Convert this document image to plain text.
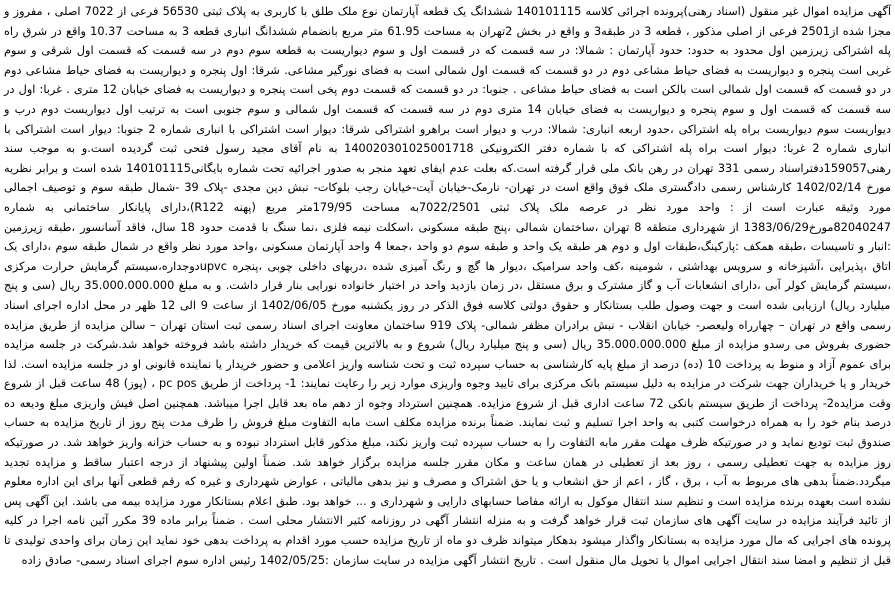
آگهی مزایده اموال غیر منقول (اسناد رهنی)پرونده اجرائی کلاسه 140101115 ششدانگ یک قطعه آپارتمان نوع ملک طلق با کاربری به پلاک ثبتی 56530 فرعی از 7022 اصلی ، مفروز و مجزا شده از2501 فرعی از اصلی مذکور ، قطعه 3 در طبقه3 و واقع در بخش 2تهران به مساحت 61.95 متر مربع بانضمام ششدانگ انباری قطعه 3 به مساحت 10.37 واقع در شرق راه پله اشتراکی زیرزمین اول محدود به حدود: حدود آپارتمان : شمالا: در سه قسمت که در قسمت اول و سوم دیواریست به قطعه سوم دوم در سه قسمت که قسمت اول شرقی و سوم غربی است پنجره و دیواریست به فضای حیاط مشاعی دوم در دو قسمت که قسمت اول شمالی است به فضای نورگیر مشاعی. شرقا: اول پنجره و دیواریست به فضای حیاط مشاعی دوم در دو قسمت که قسمت اول شمالی است بالکن است به فضای حیاط مشاعی . جنوبا: در دو قسمت که قسمت دوم پخی است پنجره و دیواریست به فضای خیابان 12 متری . غربا: اول در سه قسمت که قسمت اول و سوم پنجره و دیواریست به فضای خیابان 14 متری دوم در سه قسمت که قسمت اول شمالی و سوم جنوبی است به ترتیب اول دیواریست دوم درب و دیواریست سوم دیواریست براه پله اشتراکی ،حدود اربعه انباری: شمالا: درب و دیوار است براهرو اشتراکی شرقا: دیوار است اشتراکی با انباری شماره 2 جنوبا: دیوار است اشتراکی با انباری شماره 2 غربا: دیوار است براه پله اشتراکی که با شماره دفتر الکترونیکی 140020301025001718 به نام آقای مجید رسول فتحی ثبت گردیده است.و به موجب سند رهنی159057دفتراسناد رسمی 331 تهران در رهن بانک ملی قرار گرفته است.که بعلت عدم ایفای تعهد منجر به صدور اجرائیه تحت شماره بایگانی140101115 شده است و برابر نظریه مورخ 1402/02/14 کارشناس رسمی دادگستری ملک فوق واقع است در تهران- نارمک-خیابان آیت-خیابان رجب بلوکات- نبش دین مجدی -پلاک 39 -شمال طبقه سوم و توصیف اجمالی مورد وثیقه عبارت است از : واحد مورد نظر در عرصه ملک پلاک ثبتی 7022/2501به مساحت 179/95متر مربع (پهنه R122)،دارای پایانکار ساختمانی به شماره 82040247مورخ1383/06/29 از شهرداری منطقه 8 تهران ،ساختمان شمالی ،پنج طبقه مسکونی ،اسکلت نیمه فلزی ،نما سنگ با قدمت حدود 18 سال، فاقد آسانسور ،طبقه زیرزمین :انبار و تاسیسات ،طبقه همکف :پارکینگ،طبقات اول و دوم هر طبقه یک واحد و طبقه سوم دو واحد ،جمعا 4 واحد آپارتمان مسکونی ،واحد مورد نظر واقع در شمال طبقه سوم ،دارای یک اتاق ،پذیرایی ،آشپزخانه و سرویس بهداشتی ، شومینه ،کف واحد سرامیک ،دیوار ها گچ و رنگ آمیزی شده ،دربهای داخلی چوبی ،پنجره upvcدوجداره،سیستم گرمایش حرارت مرکزی ،سیستم گرمایش کولر آبی ،دارای انشعابات آب و گاز مشترک و برق مستقل ،در زمان بازدید واحد در اختیار خانواده نورایی بنار قرار داشت. و به مبلغ 35.000.000.000 ریال (سی و پنج میلیارد ریال) ارزیابی شده است و جهت وصول طلب بستانکار و حقوق دولتی کلاسه فوق الذکر در روز یکشنبه مورخ 1402/06/05 از ساعت 9 الی 12 ظهر در محل اداره اجرای اسناد رسمی واقع در تهران – چهارراه ولیعصر- خیابان انقلاب - نبش برادران مظفر شمالی- پلاک 919 ساختمان معاونت اجرای اسناد رسمی ثبت استان تهران – سالن مزایده از طریق مزایده حضوری بفروش می رسدو مزایده از مبلغ 35.000.000.000 ریال (سی و پنج میلیارد ریال) شروع و به بالاترین قیمت که خریدار داشته باشد فروخته خواهد شد.شرکت در جلسه مزایده برای عموم آزاد و منوط به پرداخت 10 (ده) درصد از مبلغ پایه کارشناسی به حساب سپرده ثبت و تحت شناسه واریز اعلامی و حضور خریدار یا نماینده قانونی او در جلسه مزایده است. لذا خریدار و یا خریداران جهت شرکت در مزایده به دلیل سیستم بانک مرکزی برای تایید وجوه واریزی موارد زیر را رعایت نمایند: 1- پرداخت از طریق pc pos ، (پوز) 48 ساعت قبل از شروع وقت مزایده2- پرداخت از طریق سیستم بانکی 72 ساعت اداری قبل از شروع مزایده. همچنین استرداد وجوه از دهم ماه بعد قابل اجرا میباشد. همچنین اصل فیش واریزی مبلغ ودیعه ده درصد بنام خود را به همراه درخواست کتبی به واحد اجرا تسلیم و ثبت نمایند. ضمناً برنده مزایده مکلف است مابه التفاوت مبلغ فروش را ظرف مدت پنج روز از تاریخ مزایده به حساب صندوق ثبت تودیع نماید و در صورتیکه ظرف مهلت مقرر مابه التفاوت را به حساب سپرده ثبت واریز نکند، مبلغ مذکور قابل استرداد نبوده و به حساب خزانه واریز خواهد شد. در صورتیکه روز مزایده به جهت تعطیلی رسمی ، روز بعد از تعطیلی در همان ساعت و مکان مقرر جلسه مزایده برگزار خواهد شد. ضمناً اولین پیشنهاد از درجه اعتبار ساقط و مزایده تجدید میگردد.ضمناً بدهی های مربوط به آب ، برق ، گاز ، اعم از حق انشعاب و یا حق اشتراک و مصرف و نیز بدهی مالیاتی ، عوارض شهرداری و غیره که رقم قطعی آنها برای این اداره معلوم نشده است بعهده برنده مزایده است و تنظیم سند انتقال موکول به ارائه مفاصا حسابهای دارایی و شهرداری و ... خواهد بود. طبق اعلام بستانکار مورد مزایده بیمه می باشد. این آگهی پس از تائید فرآیند مزایده در سایت آگهی های سازمان ثبت قرار خواهد گرفت و به منزله انتشار آگهی در روزنامه کثیر الانتشار محلی است . ضمناً برابر ماده 39 مکرر آئین نامه اجرا در کلیه پرونده های اجرایی که مال مورد مزایده به بستانکار واگذار میشود بدهکار میتواند ظرف دو ماه از تاریخ مزایده حسب مورد اقدام به پرداخت بدهی خود نماید این زمان برای واحدی تولیدی تا قبل از تنظیم و امضا سند انتقال اجرایی اموال یا تحویل مال منقول است . تاریخ انتشار آگهی مزایده در سایت سازمان :1402/05/25 رئیس اداره سوم اجرای اسناد رسمی- صادق زاده
